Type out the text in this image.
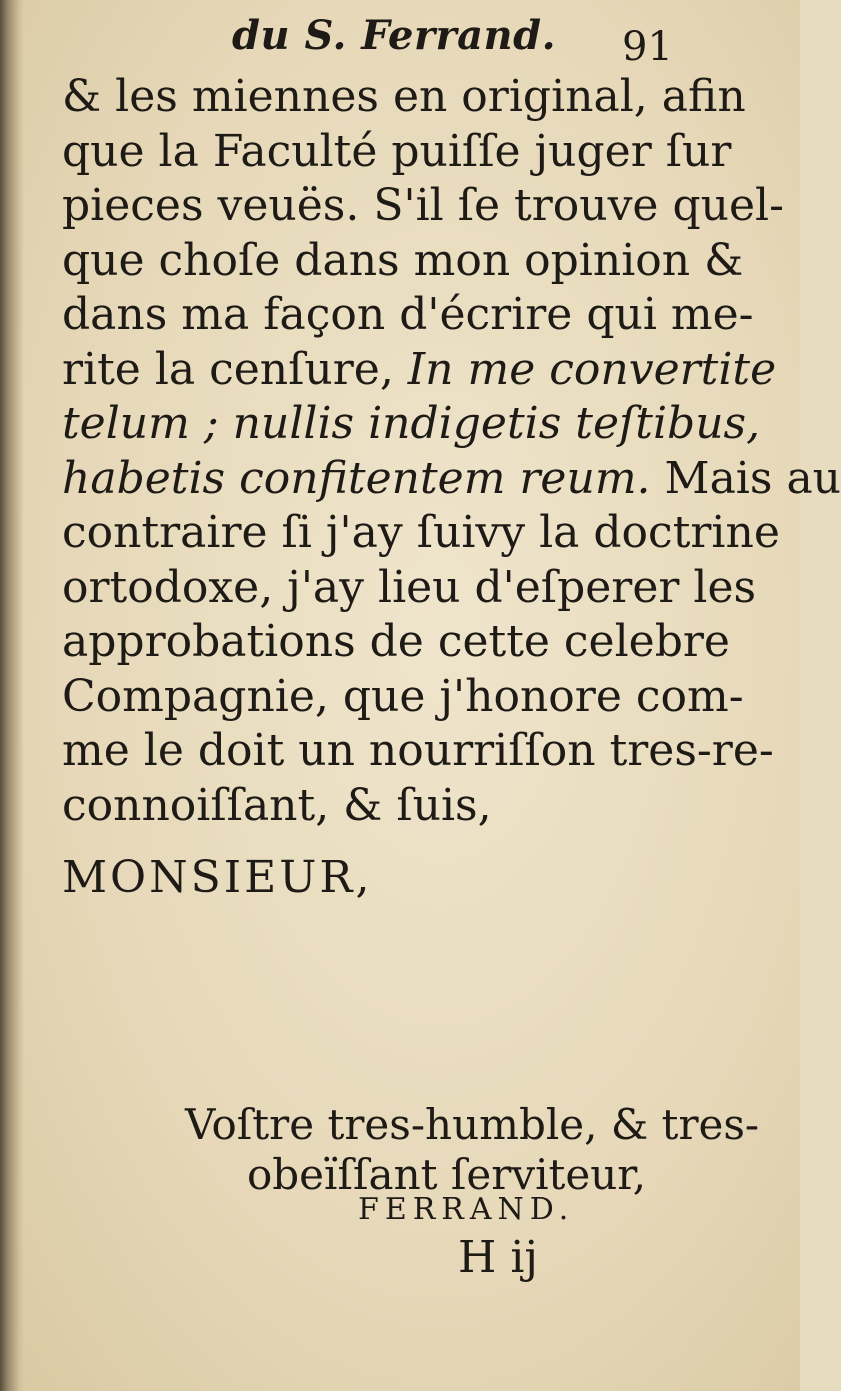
du S. Ferrand. 91
& les miennes en original, afin
que la Faculté puiſſe juger ſur
pieces veuës. S'il ſe trouve quel-
que choſe dans mon opinion &
dans ma façon d'écrire qui me-
rite la cenſure, In me convertite
telum ; nullis indigetis teſtibus,
habetis confitentem reum. Mais au
contraire ſi j'ay ſuivy la doctrine
ortodoxe, j'ay lieu d'eſperer les
approbations de cette celebre
Compagnie, que j'honore com-
me le doit un nourriſſon tres-re-
connoiſſant, & ſuis,
MONSIEUR,
Voſtre tres-humble, & tres-
obeïſſant ſerviteur,
FERRAND.
H ij
